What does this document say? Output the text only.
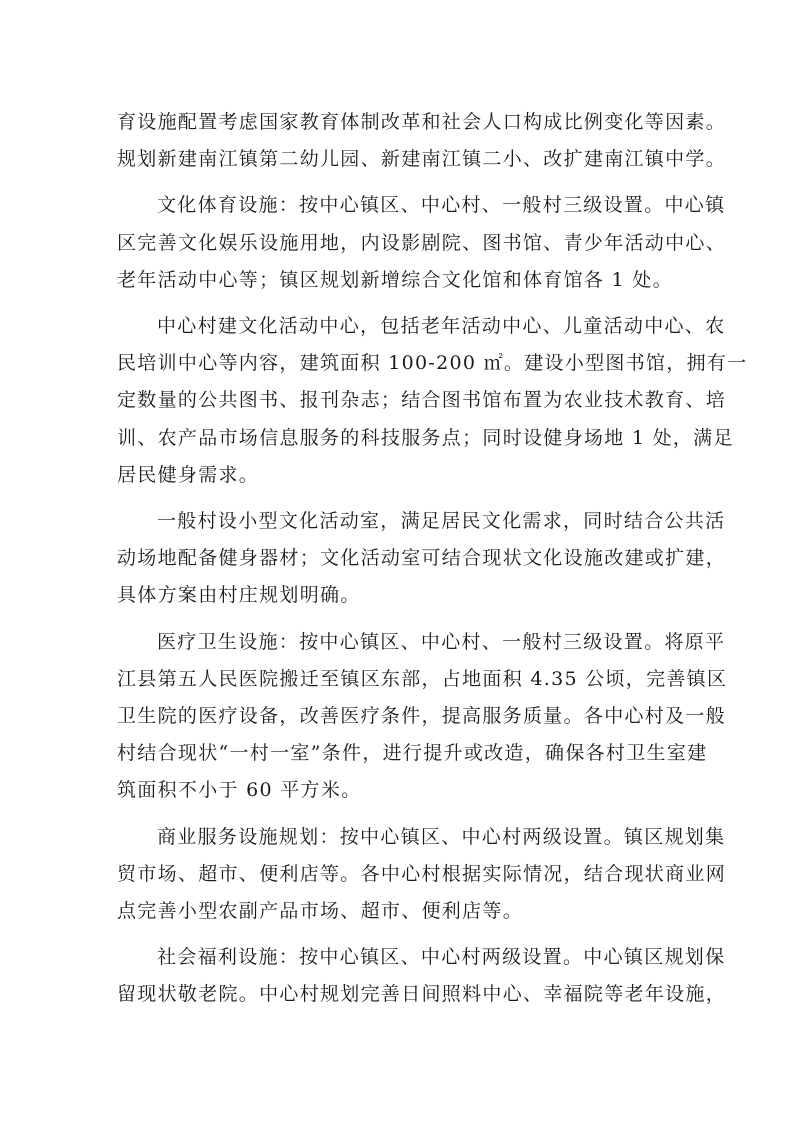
育设施配置考虑国家教育体制改革和社会人口构成比例变化等因素。
规划新建南江镇第二幼儿园、新建南江镇二小、改扩建南江镇中学。
文化体育设施：按中心镇区、中心村、一般村三级设置。中心镇
区完善文化娱乐设施用地，内设影剧院、图书馆、青少年活动中心、
老年活动中心等；镇区规划新增综合文化馆和体育馆各 1 处。
中心村建文化活动中心，包括老年活动中心、儿童活动中心、农
民培训中心等内容，建筑面积 100-200 ㎡。建设小型图书馆，拥有一
定数量的公共图书、报刊杂志；结合图书馆布置为农业技术教育、培
训、农产品市场信息服务的科技服务点；同时设健身场地 1 处，满足
居民健身需求。
一般村设小型文化活动室，满足居民文化需求，同时结合公共活
动场地配备健身器材；文化活动室可结合现状文化设施改建或扩建，
具体方案由村庄规划明确。
医疗卫生设施：按中心镇区、中心村、一般村三级设置。将原平
江县第五人民医院搬迁至镇区东部，占地面积 4.35 公顷，完善镇区
卫生院的医疗设备，改善医疗条件，提高服务质量。各中心村及一般
村结合现状“一村一室”条件，进行提升或改造，确保各村卫生室建
筑面积不小于 60 平方米。
商业服务设施规划：按中心镇区、中心村两级设置。镇区规划集
贸市场、超市、便利店等。各中心村根据实际情况，结合现状商业网
点完善小型农副产品市场、超市、便利店等。
社会福利设施：按中心镇区、中心村两级设置。中心镇区规划保
留现状敬老院。中心村规划完善日间照料中心、幸福院等老年设施，
